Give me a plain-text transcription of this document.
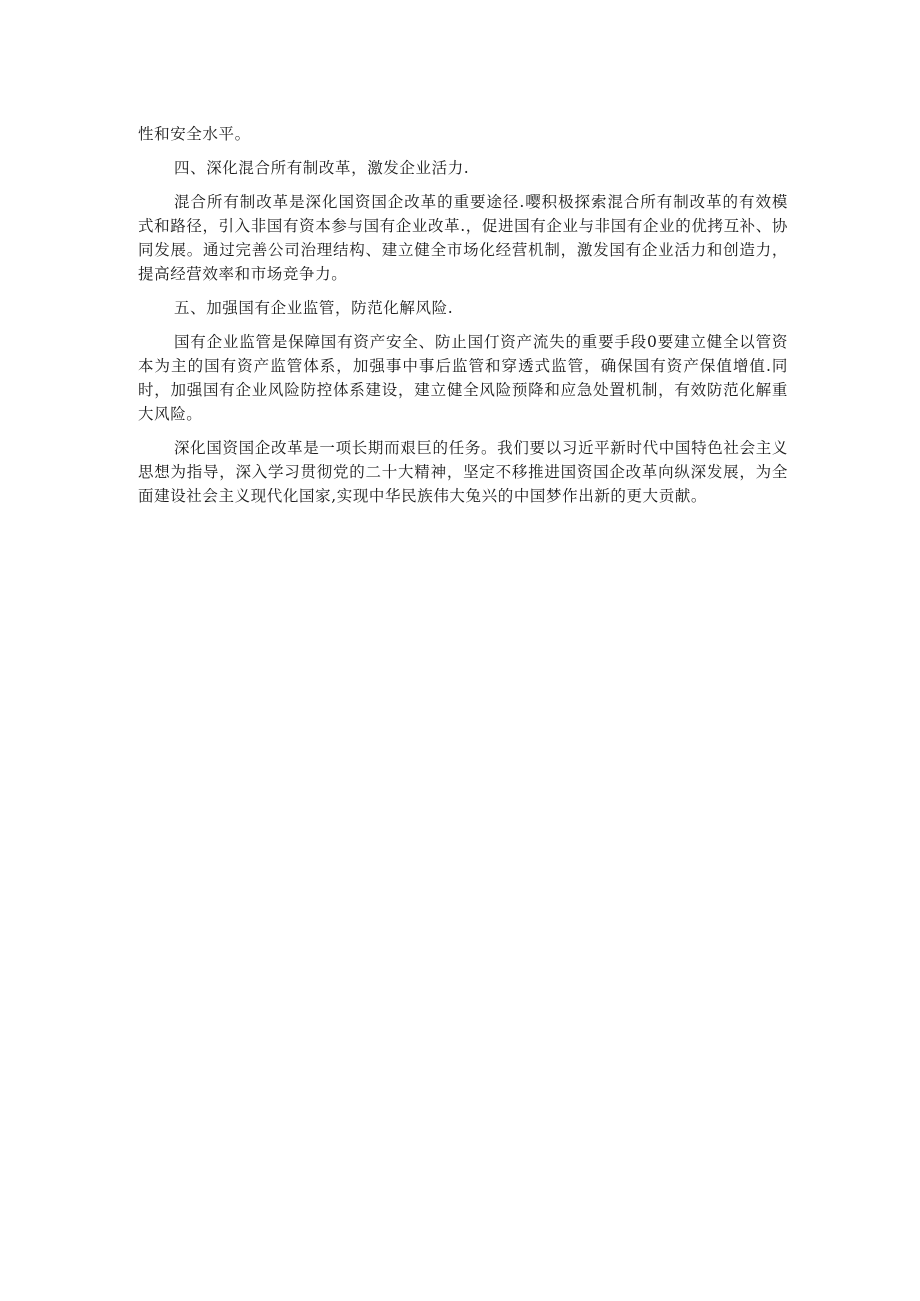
性和安全水平。

四、深化混合所有制改革，激发企业活力.

混合所有制改革是深化国资国企改革的重要途径.嘤积极探索混合所有制改革的有效模式和路径，引入非国有资本参与国有企业改革.，促进国有企业与非国有企业的优拷互补、协同发展。通过完善公司治理结构、建立健全市场化经营机制，激发国有企业活力和创造力，提高经营效率和市场竞争力。

五、加强国有企业监管，防范化解风险.

国有企业监管是保障国有资产安全、防止国仃资产流失的重要手段0要建立健全以管资本为主的国有资产监管体系，加强事中事后监管和穿透式监管，确保国有资产保值增值.同时，加强国有企业风险防控体系建设，建立健全风险预降和应急处置机制，有效防范化解重大风险。

深化国资国企改革是一项长期而艰巨的任务。我们要以习近平新时代中国特色社会主义思想为指导，深入学习贯彻党的二十大精神，坚定不移推进国资国企改革向纵深发展，为全面建设社会主义现代化国家,实现中华民族伟大兔兴的中国梦作出新的更大贡献。
